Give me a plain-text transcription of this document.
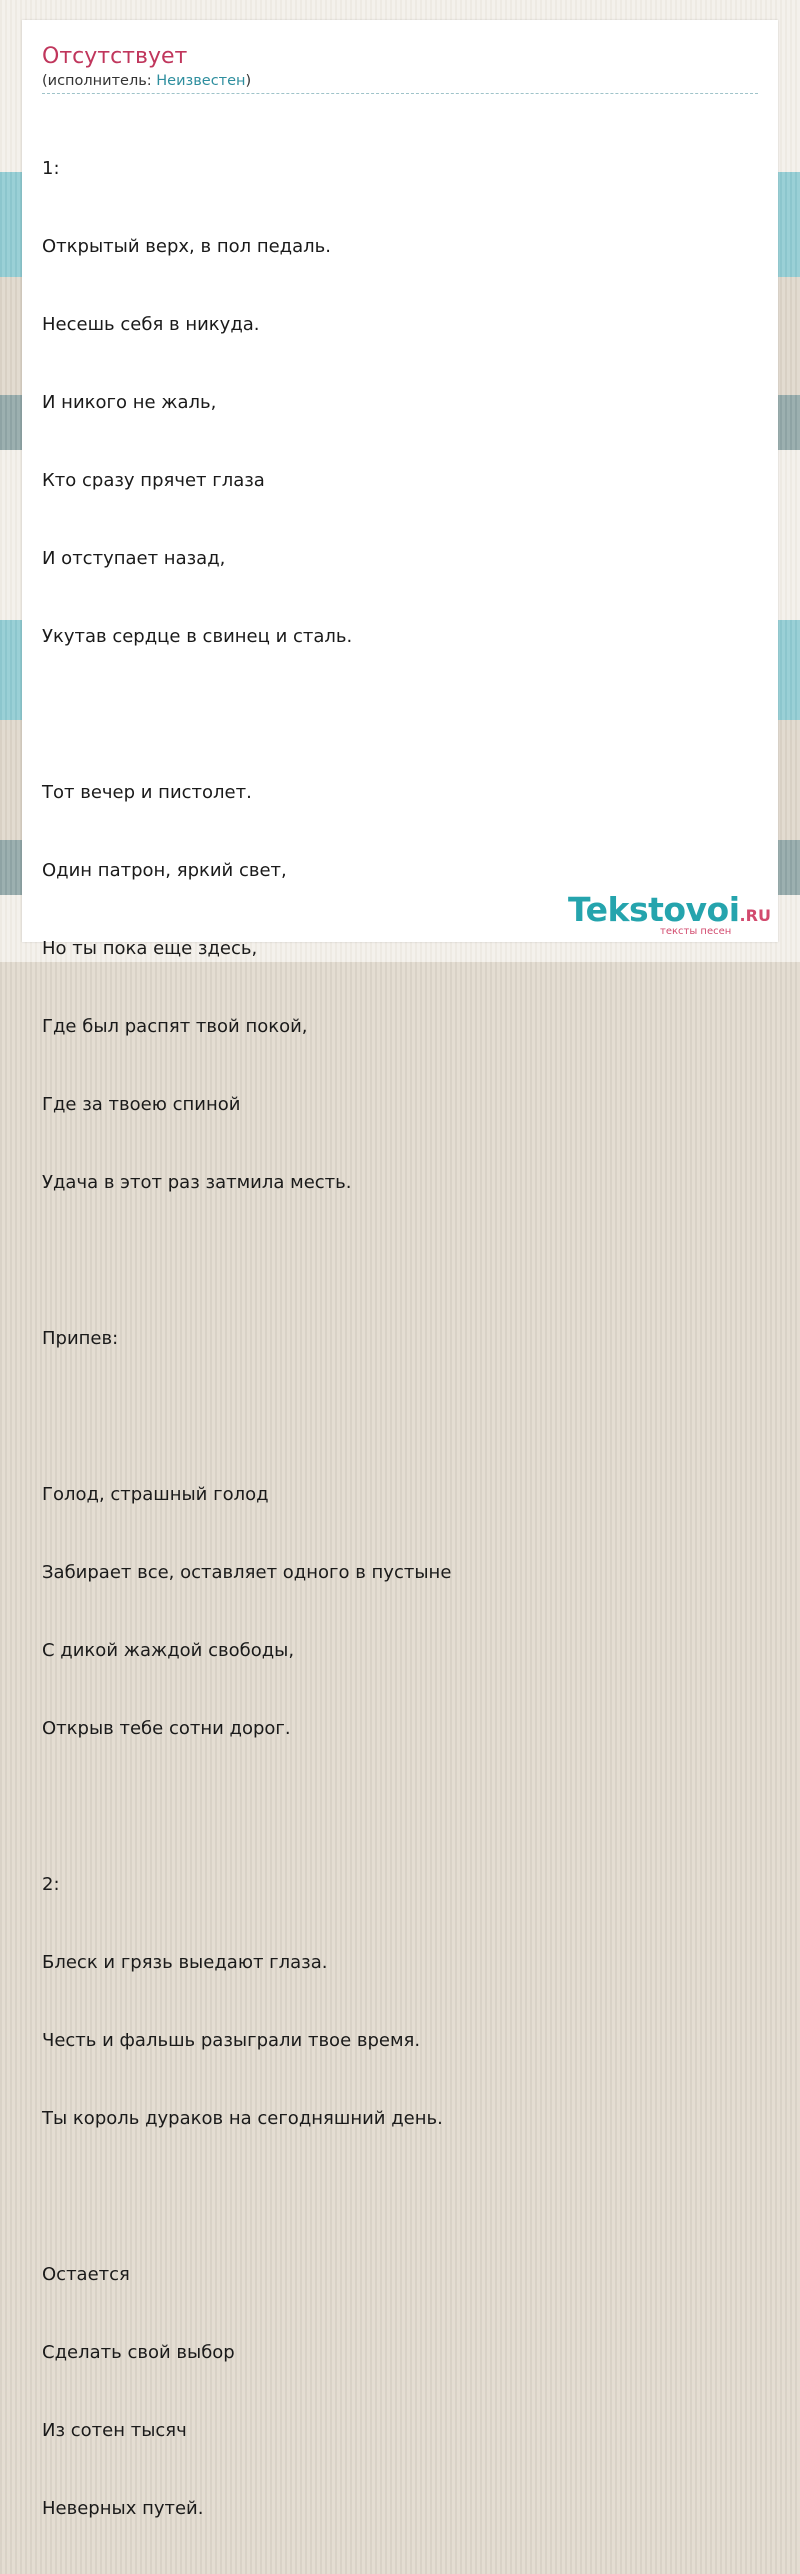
Отсутствует
(исполнитель: Неизвестен)

1:

Открытый верх, в пол педаль.

Несешь себя в никуда.

И никого не жаль,

Кто сразу прячет глаза

И отступает назад,

Укутав сердце в свинец и сталь.

Тот вечер и пистолет.

Один патрон, яркий свет,

Но ты пока еще здесь,

Где был распят твой покой,

Где за твоею спиной

Удача в этот раз затмила месть.

Припев:

Голод, страшный голод

Забирает все, оставляет одного в пустыне

С дикой жаждой свободы,

Открыв тебе сотни дорог.

2:

Блеск и грязь выедают глаза.

Честь и фальшь разыграли твое время.

Ты король дураков на сегодняшний день.

Остается

Сделать свой выбор

Из сотен тысяч

Неверных путей.

Tekstovoi.RU
тексты песен
